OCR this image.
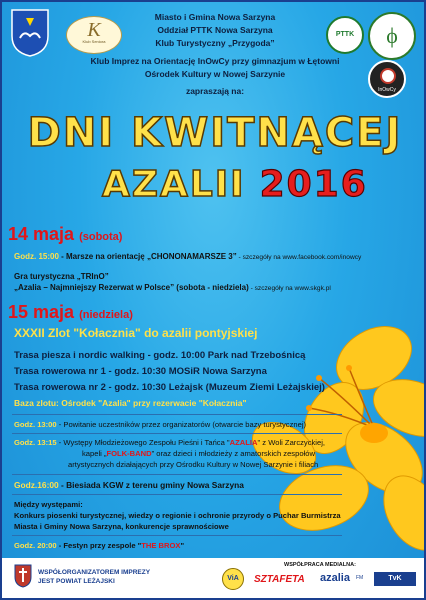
K
Klub Seniora
PTTK	ϕ
InOwCy
Miasto i Gmina Nowa Sarzyna
Oddział PTTK Nowa Sarzyna
Klub Turystyczny „Przygoda”
Klub Imprez na Orientację InOwCy przy gimnazjum w Łętowni
Ośrodek Kultury w Nowej Sarzynie
zapraszają na:
DNI KWITNĄCEJ
AZALII 2016
14 maja (sobota)
Godz. 15:00 - Marsze na orientację „CHONONAMARSZE 3” - szczegóły na www.facebook.com/inowcy
Gra turystyczna „TRInO”
„Azalia – Najmniejszy Rezerwat w Polsce” (sobota - niedziela) - szczegóły na www.skgk.pl
15 maja (niedziela)
XXXII Zlot "Kołacznia" do azalii pontyjskiej
Trasa piesza i nordic walking - godz. 10:00 Park nad Trzebośnicą
Trasa rowerowa nr 1 - godz. 10:30 MOSiR Nowa Sarzyna
Trasa rowerowa nr 2 - godz. 10:30 Leżajsk (Muzeum Ziemi Leżajskiej)
Baza zlotu: Ośrodek "Azalia" przy rezerwacie "Kołacznia"
Godz. 13:00 - Powitanie uczestników przez organizatorów (otwarcie bazy turystycznej)
Godz. 13:15 - Występy Młodzieżowego Zespołu Pieśni i Tańca "AZALIA" z Woli Zarczyckiej,
kapeli „FOLK-BAND” oraz dzieci i młodzieży z amatorskich zespołów
artystycznych działających przy Ośrodku Kultury w Nowej Sarzynie i filiach
Godz.16:00 - Biesiada KGW z terenu gminy Nowa Sarzyna
Między występami:
Konkurs piosenki turystycznej, wiedzy o regionie i ochronie przyrody o Puchar Burmistrza
Miasta i Gminy Nowa Sarzyna, konkurencje sprawnościowe
Godz. 20:00 - Festyn przy zespole "THE BROX"
WSPÓŁORGANIZATOREM IMPREZY
JEST POWIAT LEŻAJSKI	ViA
WSPÓŁPRACA MEDIALNA:
SZTAFETA azalia FM	TvK
